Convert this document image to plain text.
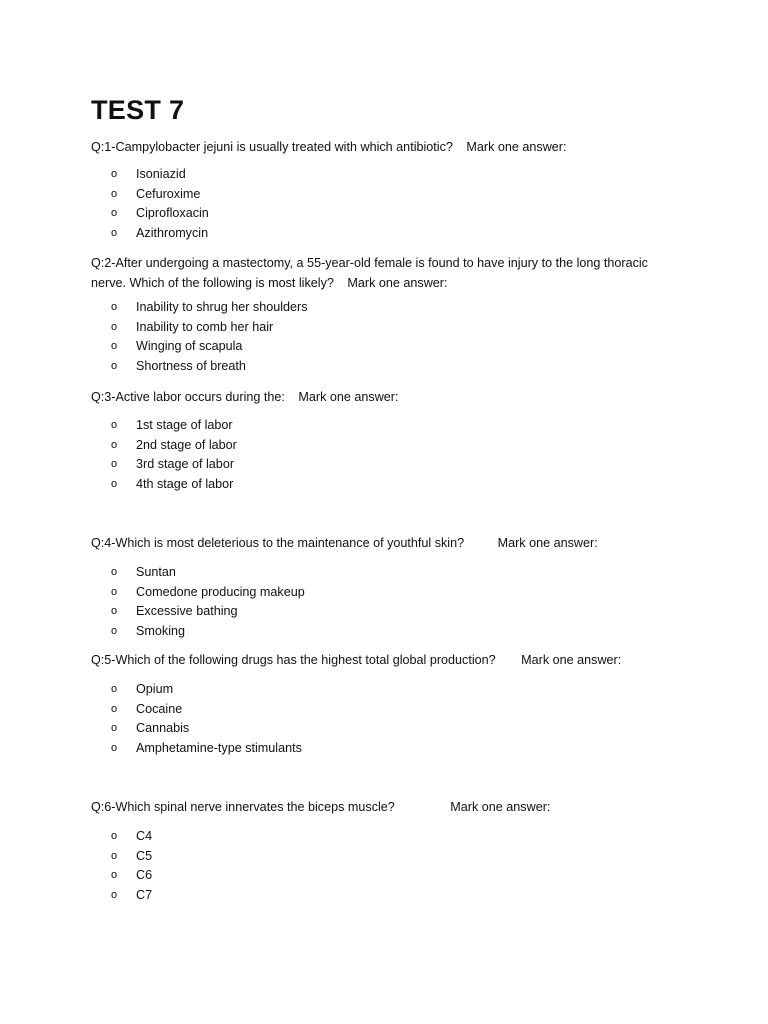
TEST 7
Q:1-Campylobacter jejuni is usually treated with which antibiotic? Mark one answer:
o Isoniazid
o Cefuroxime
o Ciprofloxacin
o Azithromycin
Q:2-After undergoing a mastectomy, a 55-year-old female is found to have injury to the long thoracic nerve. Which of the following is most likely? Mark one answer:
o Inability to shrug her shoulders
o Inability to comb her hair
o Winging of scapula
o Shortness of breath
Q:3-Active labor occurs during the: Mark one answer:
o 1st stage of labor
o 2nd stage of labor
o 3rd stage of labor
o 4th stage of labor
Q:4-Which is most deleterious to the maintenance of youthful skin?	Mark one answer:
o Suntan
o Comedone producing makeup
o Excessive bathing
o Smoking
Q:5-Which of the following drugs has the highest total global production? Mark one answer:
o Opium
o Cocaine
o Cannabis
o Amphetamine-type stimulants
Q:6-Which spinal nerve innervates the biceps muscle?	Mark one answer:
o C4
o C5
o C6
o C7
